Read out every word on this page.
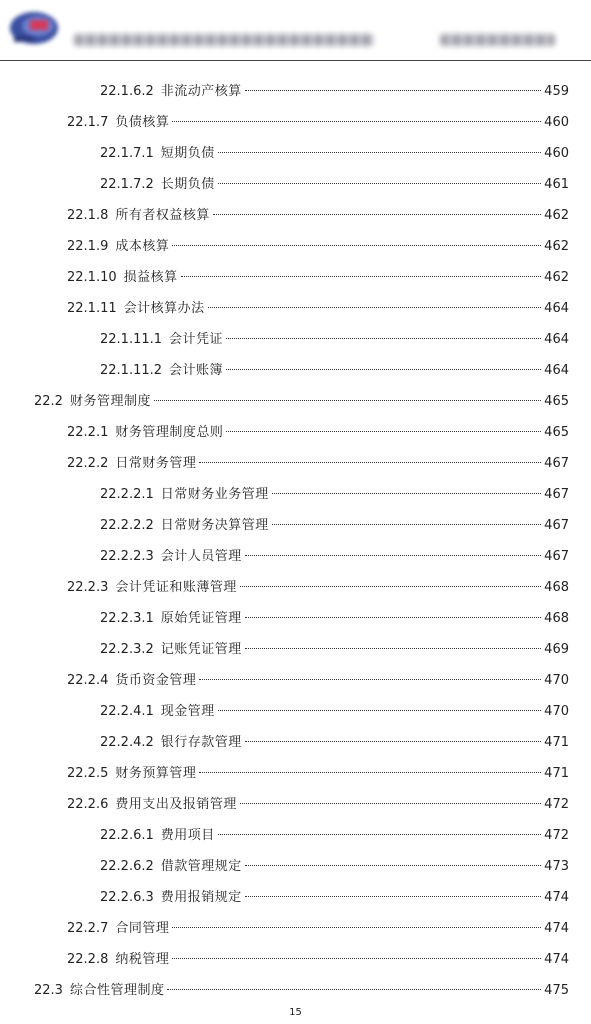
22.1.6.2 非流动产核算	459
22.1.7 负债核算	460
22.1.7.1 短期负债	460
22.1.7.2 长期负债	461
22.1.8 所有者权益核算	462
22.1.9 成本核算	462
22.1.10 损益核算	462
22.1.11 会计核算办法	464
22.1.11.1 会计凭证	464
22.1.11.2 会计账簿	464
22.2 财务管理制度	465
22.2.1 财务管理制度总则	465
22.2.2 日常财务管理	467
22.2.2.1 日常财务业务管理	467
22.2.2.2 日常财务决算管理	467
22.2.2.3 会计人员管理	467
22.2.3 会计凭证和账薄管理	468
22.2.3.1 原始凭证管理	468
22.2.3.2 记账凭证管理	469
22.2.4 货币资金管理	470
22.2.4.1 现金管理	470
22.2.4.2 银行存款管理	471
22.2.5 财务预算管理	471
22.2.6 费用支出及报销管理	472
22.2.6.1 费用项目	472
22.2.6.2 借款管理规定	473
22.2.6.3 费用报销规定	474
22.2.7 合同管理	474
22.2.8 纳税管理	474
22.3 综合性管理制度	475
15
